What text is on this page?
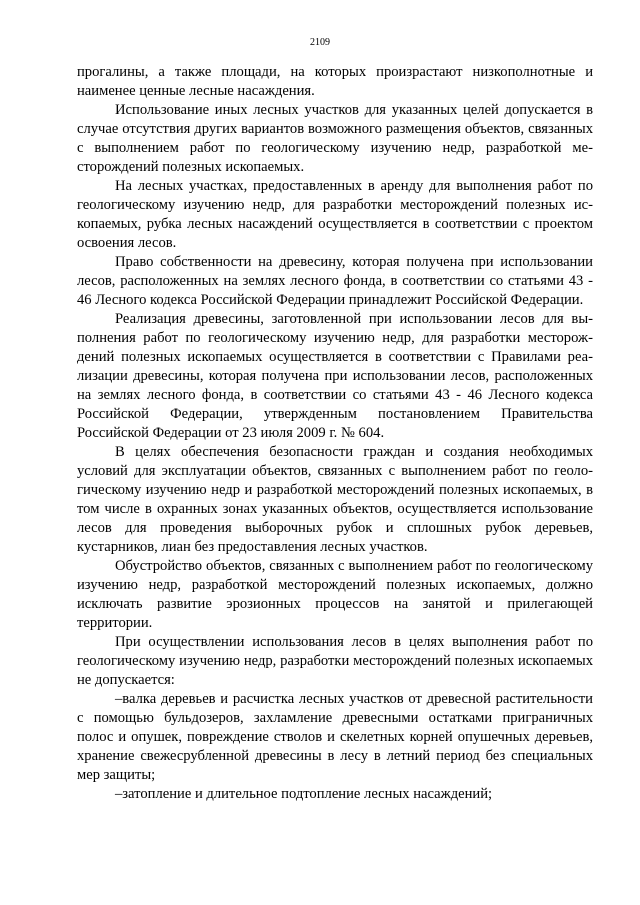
2109

прогалины, а также площади, на которых произрастают низкополнотные и наименее ценные лесные насаждения.

Использование иных лесных участков для указанных целей допускается в случае отсутствия других вариантов возможного размещения объектов, связанных с выполнением работ по геологическому изучению недр, разработкой месторождений полезных ископаемых.

На лесных участках, предоставленных в аренду для выполнения работ по геологическому изучению недр, для разработки месторождений полезных ископаемых, рубка лесных насаждений осуществляется в соответствии с проектом освоения лесов.

Право собственности на древесину, которая получена при использовании лесов, расположенных на землях лесного фонда, в соответствии со статьями 43 - 46 Лесного кодекса Российской Федерации принадлежит Российской Федерации.

Реализация древесины, заготовленной при использовании лесов для выполнения работ по геологическому изучению недр, для разработки месторождений полезных ископаемых осуществляется в соответствии с Правилами реализации древесины, которая получена при использовании лесов, расположенных на землях лесного фонда, в соответствии со статьями 43 - 46 Лесного кодекса Российской Федерации, утвержденным постановлением Правительства Российской Федерации от 23 июля 2009 г. № 604.

В целях обеспечения безопасности граждан и создания необходимых условий для эксплуатации объектов, связанных с выполнением работ по геологическому изучению недр и разработкой месторождений полезных ископаемых, в том числе в охранных зонах указанных объектов, осуществляется использование лесов для проведения выборочных рубок и сплошных рубок деревьев, кустарников, лиан без предоставления лесных участков.

Обустройство объектов, связанных с выполнением работ по геологическому изучению недр, разработкой месторождений полезных ископаемых, должно исключать развитие эрозионных процессов на занятой и прилегающей территории.

При осуществлении использования лесов в целях выполнения работ по геологическому изучению недр, разработки месторождений полезных ископаемых не допускается:

–валка деревьев и расчистка лесных участков от древесной растительности с помощью бульдозеров, захламление древесными остатками приграничных полос и опушек, повреждение стволов и скелетных корней опушечных деревьев, хранение свежесрубленной древесины в лесу в летний период без специальных мер защиты;

–затопление и длительное подтопление лесных насаждений;
